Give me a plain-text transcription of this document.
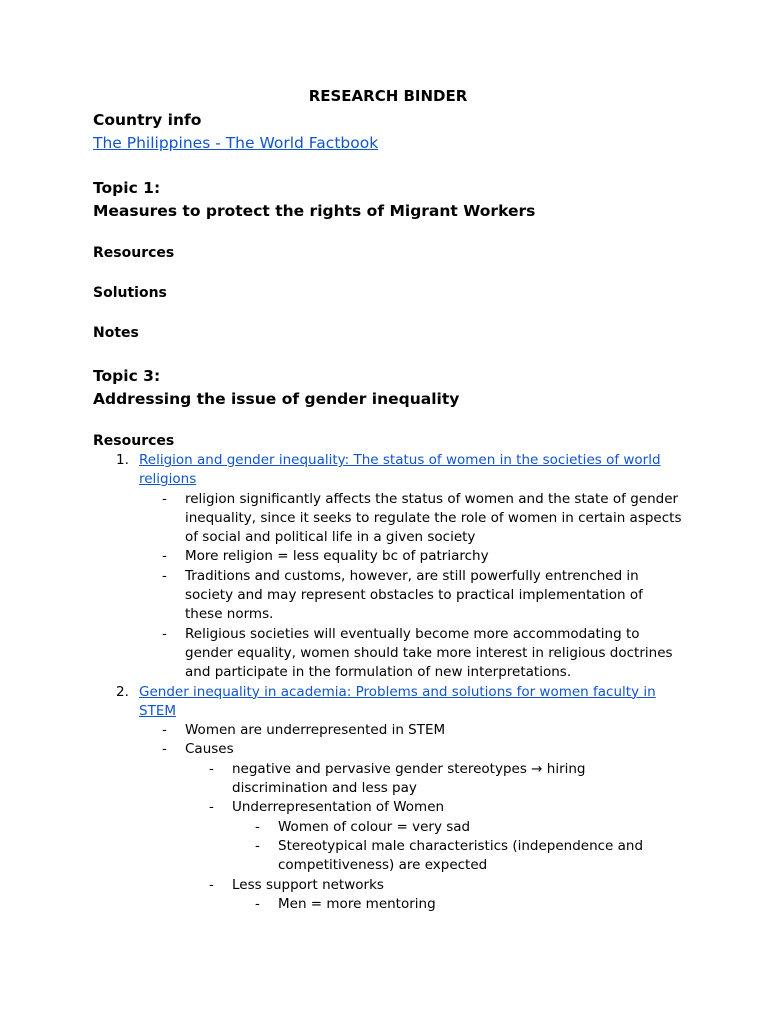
RESEARCH BINDER
Country info
The Philippines - The World Factbook
Topic 1:
Measures to protect the rights of Migrant Workers
Resources
Solutions
Notes
Topic 3:
Addressing the issue of gender inequality
Resources
1. Religion and gender inequality: The status of women in the societies of world religions
- religion significantly affects the status of women and the state of gender inequality, since it seeks to regulate the role of women in certain aspects of social and political life in a given society
- More religion = less equality bc of patriarchy
- Traditions and customs, however, are still powerfully entrenched in society and may represent obstacles to practical implementation of these norms.
- Religious societies will eventually become more accommodating to gender equality, women should take more interest in religious doctrines and participate in the formulation of new interpretations.
2. Gender inequality in academia: Problems and solutions for women faculty in STEM
- Women are underrepresented in STEM
- Causes
- negative and pervasive gender stereotypes → hiring discrimination and less pay
- Underrepresentation of Women
- Women of colour = very sad
- Stereotypical male characteristics (independence and competitiveness) are expected
- Less support networks
- Men = more mentoring
